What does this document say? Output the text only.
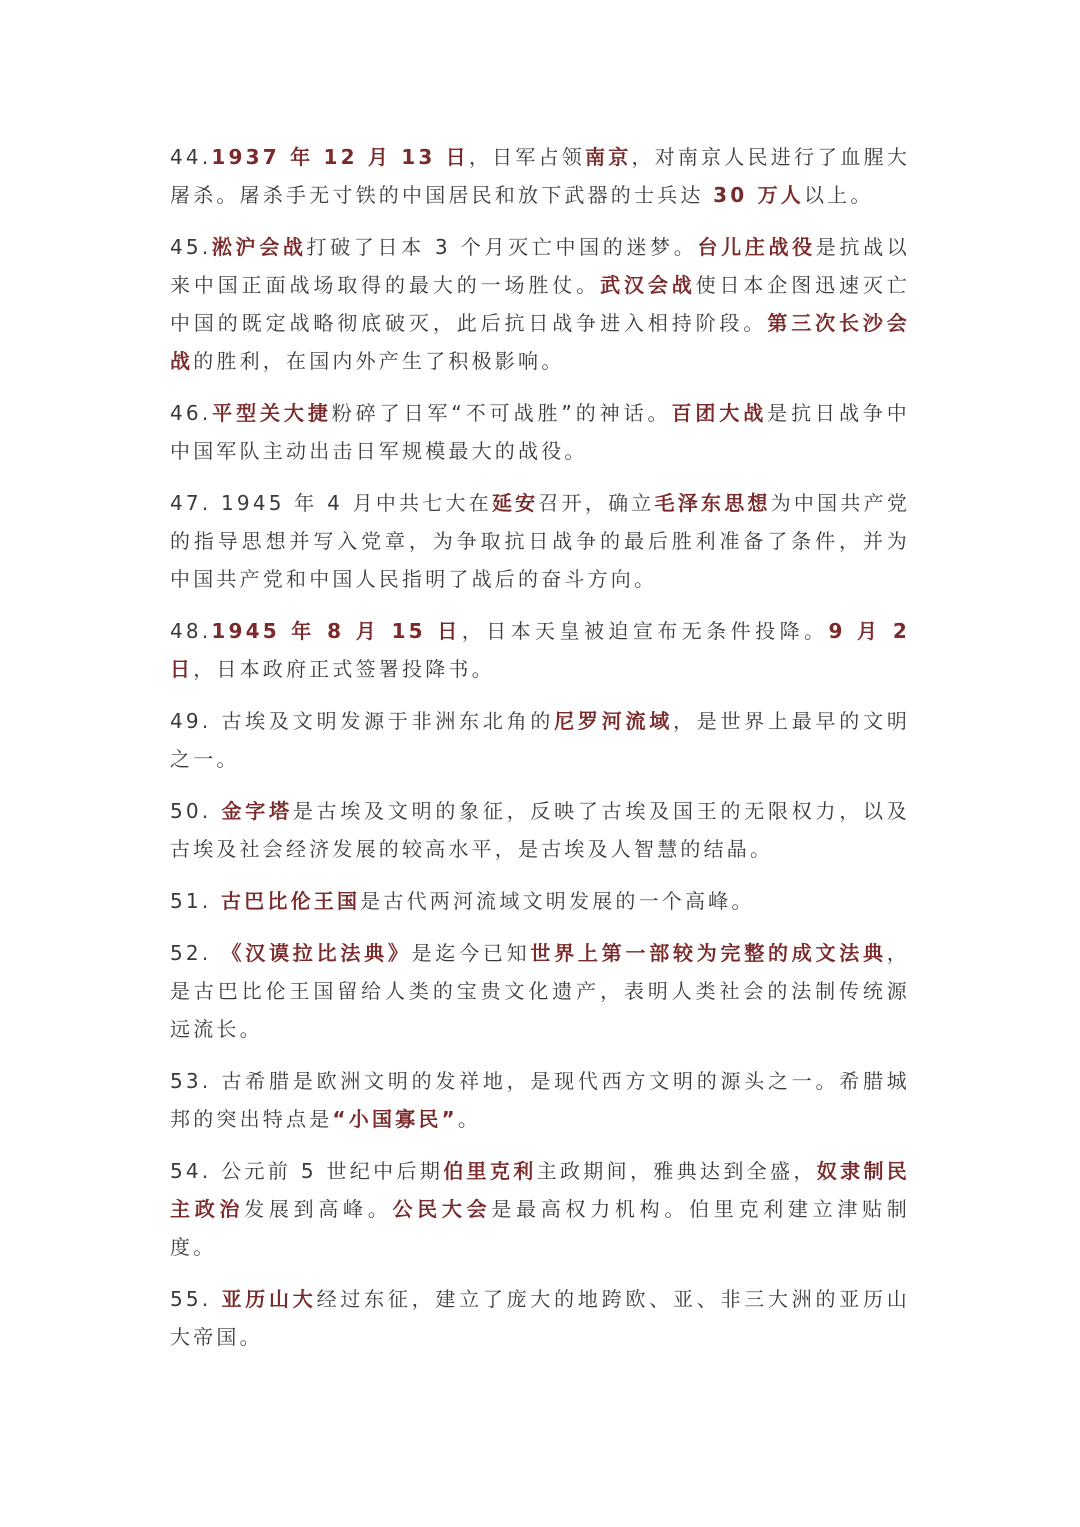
44.1937 年 12 月 13 日，日军占领南京，对南京人民进行了血腥大屠杀。屠杀手无寸铁的中国居民和放下武器的士兵达 30 万人以上。

45.淞沪会战打破了日本 3 个月灭亡中国的迷梦。台儿庄战役是抗战以来中国正面战场取得的最大的一场胜仗。武汉会战使日本企图迅速灭亡中国的既定战略彻底破灭，此后抗日战争进入相持阶段。第三次长沙会战的胜利，在国内外产生了积极影响。

46.平型关大捷粉碎了日军“不可战胜”的神话。百团大战是抗日战争中中国军队主动出击日军规模最大的战役。

47. 1945 年 4 月中共七大在延安召开，确立毛泽东思想为中国共产党的指导思想并写入党章，为争取抗日战争的最后胜利准备了条件，并为中国共产党和中国人民指明了战后的奋斗方向。

48.1945 年 8 月 15 日，日本天皇被迫宣布无条件投降。9 月 2 日，日本政府正式签署投降书。

49. 古埃及文明发源于非洲东北角的尼罗河流域，是世界上最早的文明之一。

50. 金字塔是古埃及文明的象征，反映了古埃及国王的无限权力，以及古埃及社会经济发展的较高水平，是古埃及人智慧的结晶。

51. 古巴比伦王国是古代两河流域文明发展的一个高峰。

52. 《汉谟拉比法典》是迄今已知世界上第一部较为完整的成文法典，是古巴比伦王国留给人类的宝贵文化遗产，表明人类社会的法制传统源远流长。

53. 古希腊是欧洲文明的发祥地，是现代西方文明的源头之一。希腊城邦的突出特点是“小国寡民”。

54. 公元前 5 世纪中后期伯里克利主政期间，雅典达到全盛，奴隶制民主政治发展到高峰。公民大会是最高权力机构。伯里克利建立津贴制度。

55. 亚历山大经过东征，建立了庞大的地跨欧、亚、非三大洲的亚历山大帝国。
